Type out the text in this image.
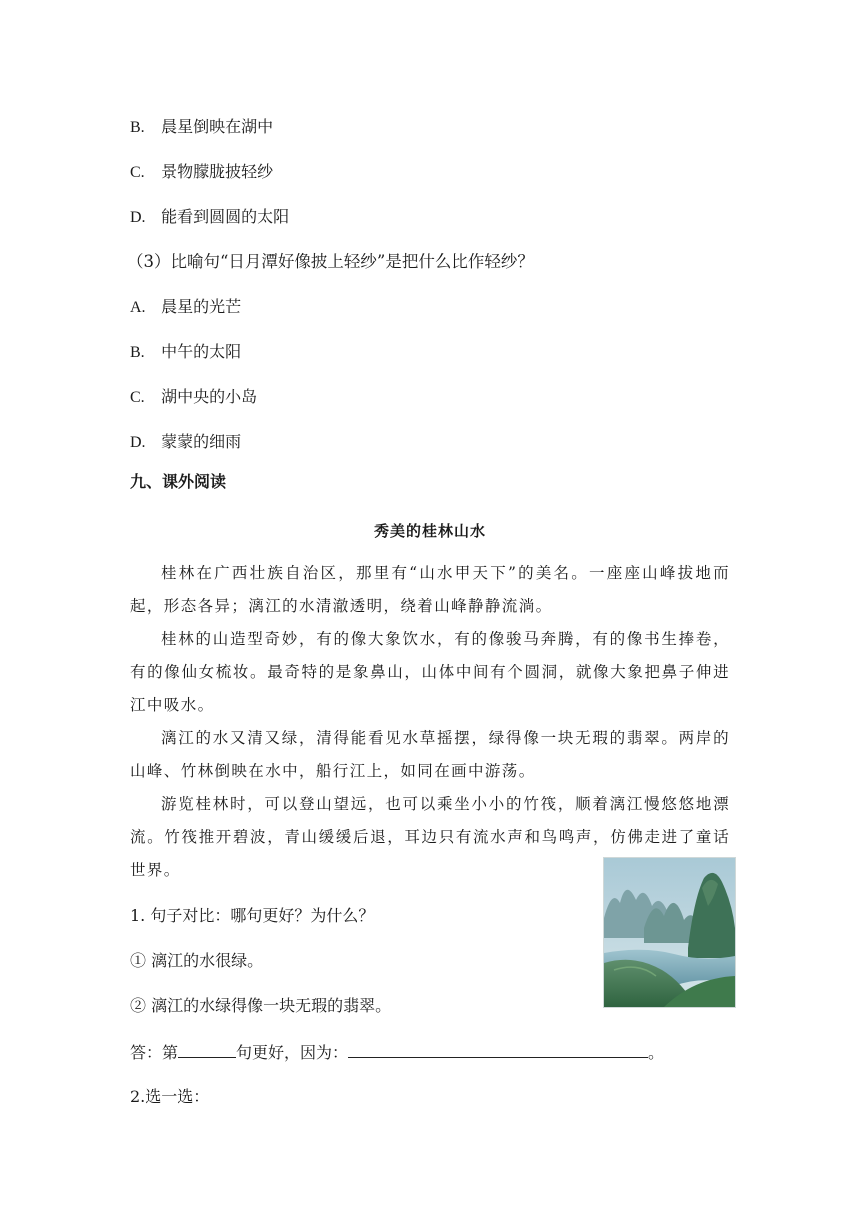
B. 晨星倒映在湖中
C. 景物朦胧披轻纱
D. 能看到圆圆的太阳
（3）比喻句“日月潭好像披上轻纱”是把什么比作轻纱？
A. 晨星的光芒
B. 中午的太阳
C. 湖中央的小岛
D. 蒙蒙的细雨
九、课外阅读
秀美的桂林山水
桂林在广西壮族自治区，那里有“山水甲天下”的美名。一座座山峰拔地而起，形态各异；漓江的水清澈透明，绕着山峰静静流淌。
桂林的山造型奇妙，有的像大象饮水，有的像骏马奔腾，有的像书生捧卷，有的像仙女梳妆。最奇特的是象鼻山，山体中间有个圆洞，就像大象把鼻子伸进江中吸水。
漓江的水又清又绿，清得能看见水草摇摆，绿得像一块无瑕的翡翠。两岸的山峰、竹林倒映在水中，船行江上，如同在画中游荡。
游览桂林时，可以登山望远，也可以乘坐小小的竹筏，顺着漓江慢悠悠地漂流。竹筏推开碧波，青山缓缓后退，耳边只有流水声和鸟鸣声，仿佛走进了童话世界。
1. 句子对比：哪句更好？为什么？
① 漓江的水很绿。
② 漓江的水绿得像一块无瑕的翡翠。
答：第	句更好，因为：	。
2.选一选：
